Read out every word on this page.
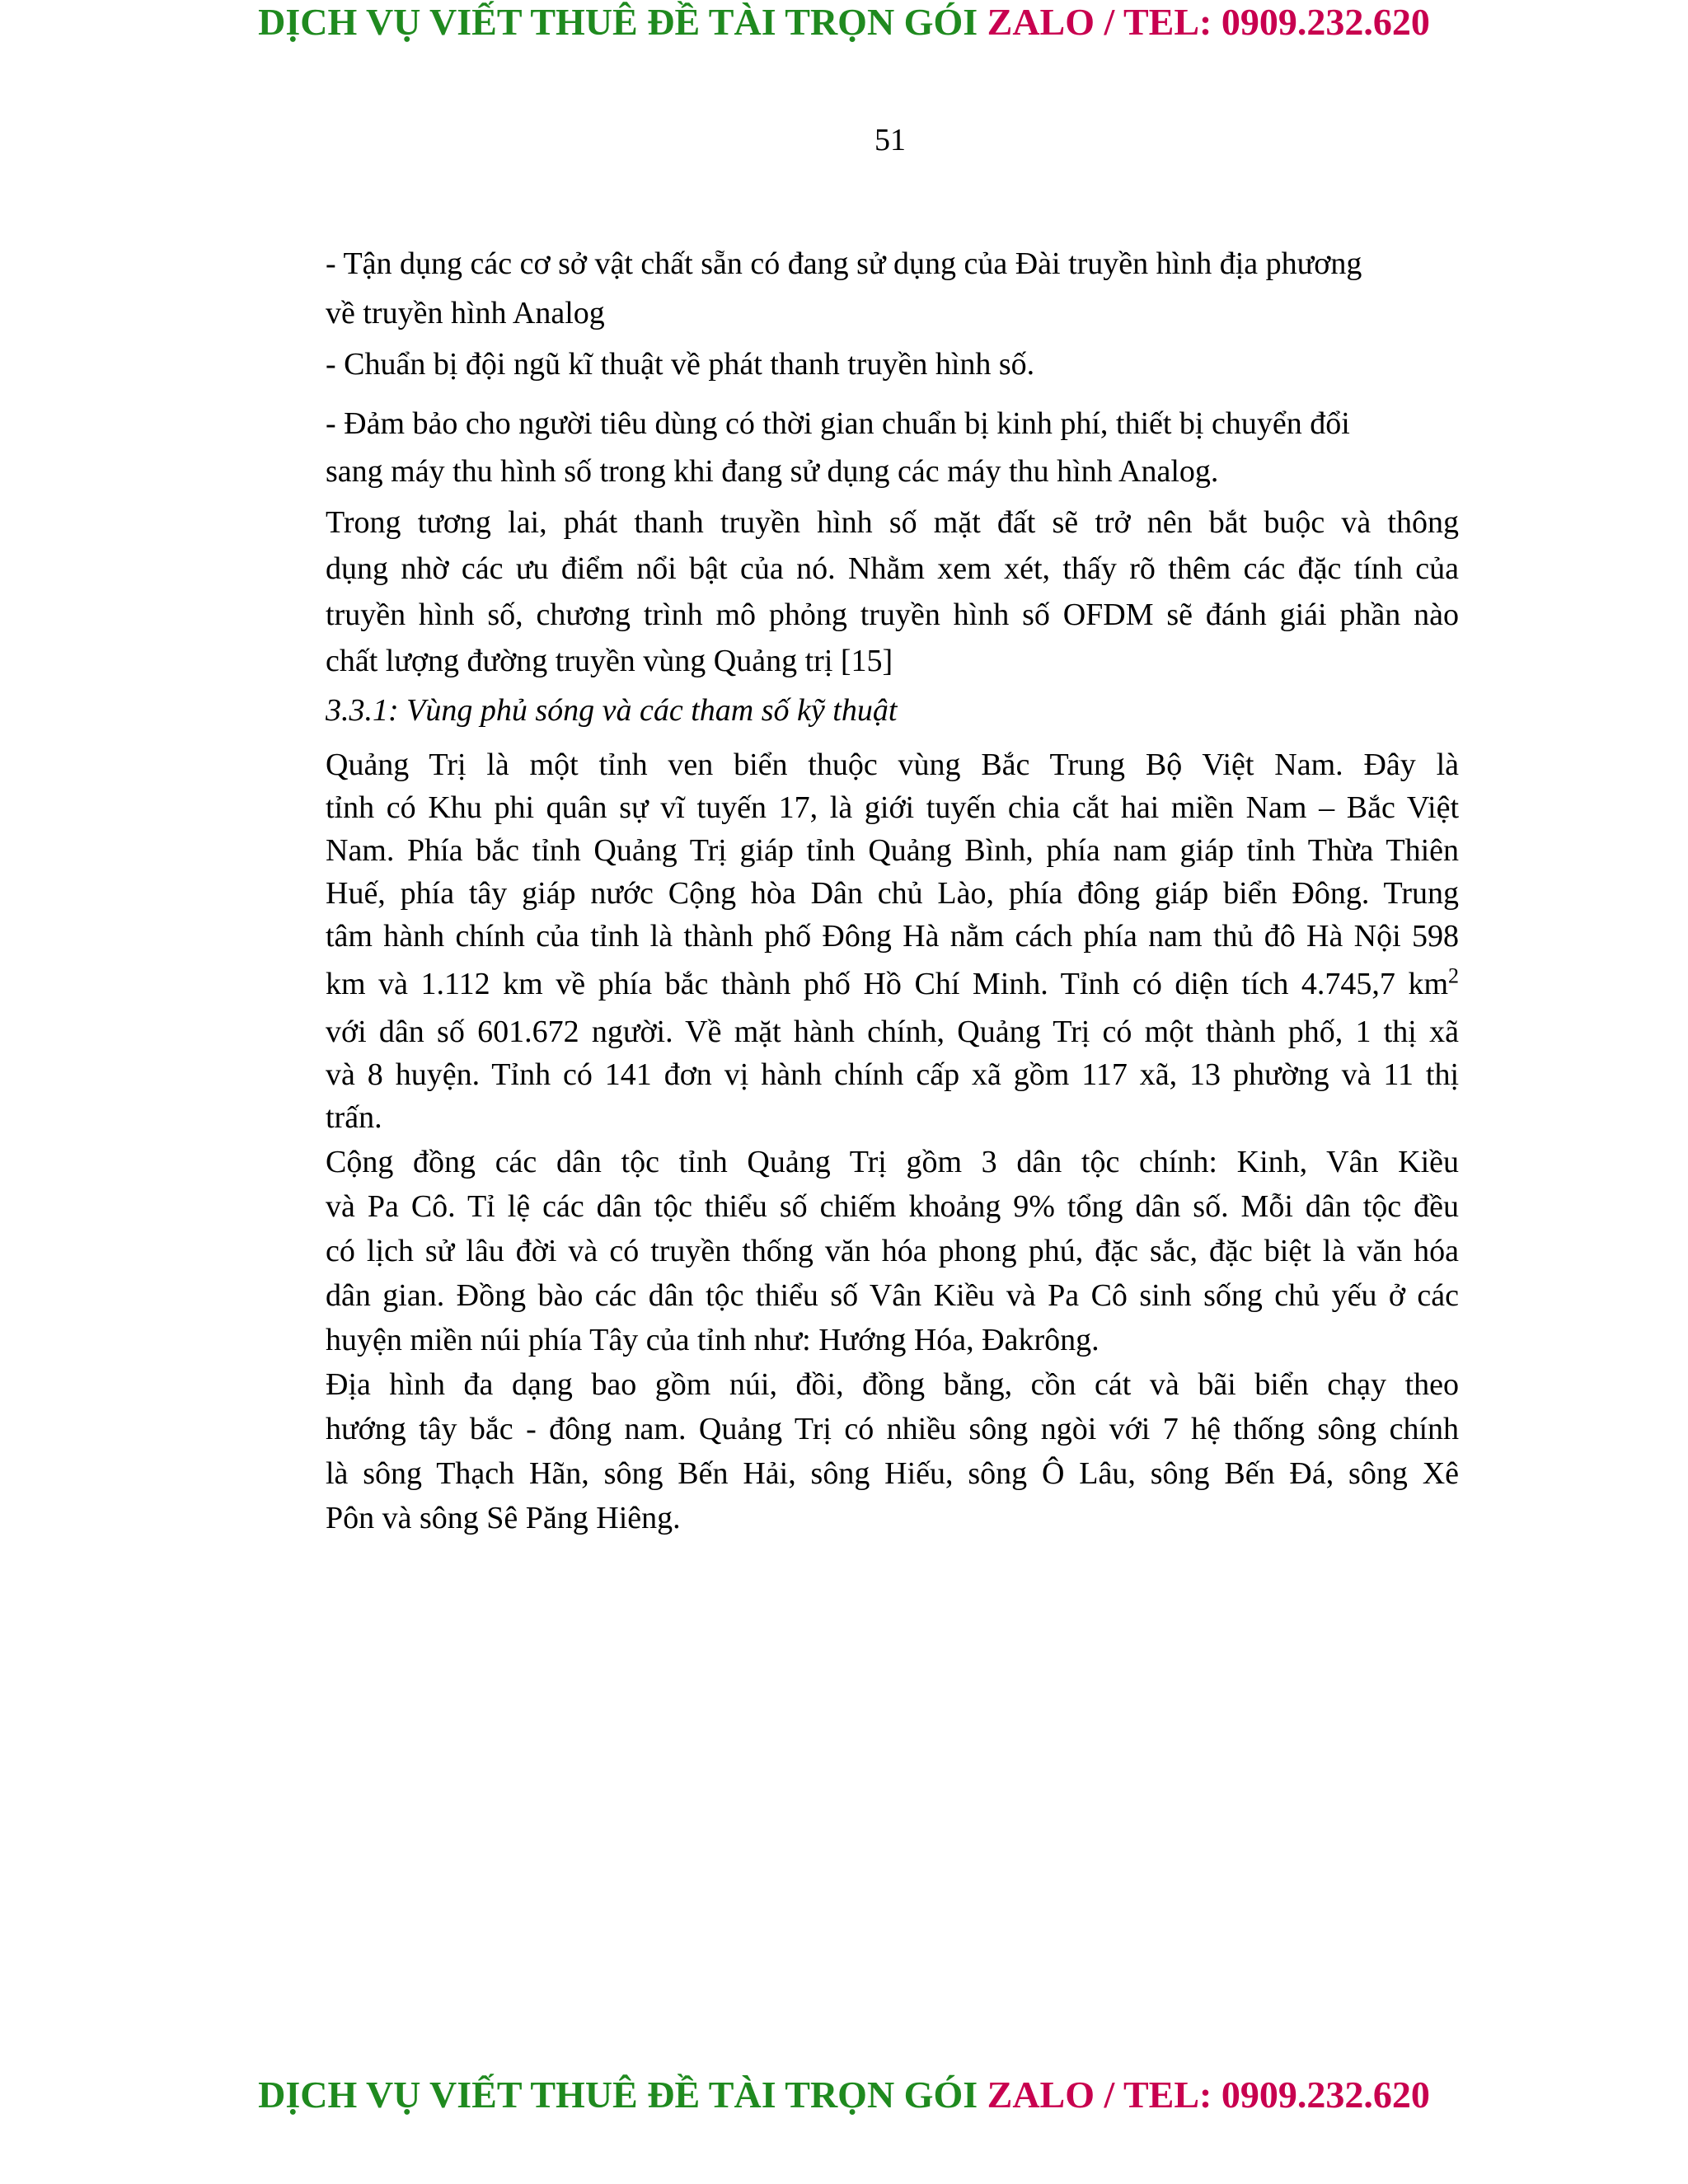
DỊCH VỤ VIẾT THUÊ ĐỀ TÀI TRỌN GÓI ZALO / TEL: 0909.232.620
51
- Tận dụng các cơ sở vật chất sẵn có đang sử dụng của Đài truyền hình địa phương
về truyền hình Analog
- Chuẩn bị đội ngũ kĩ thuật về phát thanh truyền hình số.
- Đảm bảo cho người tiêu dùng có thời gian chuẩn bị kinh phí, thiết bị chuyển đổi
sang máy thu hình số trong khi đang sử dụng các máy thu hình Analog.
Trong tương lai, phát thanh truyền hình số mặt đất sẽ trở nên bắt buộc và thông
dụng nhờ các ưu điểm nổi bật của nó. Nhằm xem xét, thấy rõ thêm các đặc tính của
truyền hình số, chương trình mô phỏng truyền hình số OFDM sẽ đánh giái phần nào
chất lượng đường truyền vùng Quảng trị [15]
3.3.1: Vùng phủ sóng và các tham số kỹ thuật
Quảng Trị là một tỉnh ven biển thuộc vùng Bắc Trung Bộ Việt Nam. Đây là
tỉnh có Khu phi quân sự vĩ tuyến 17, là giới tuyến chia cắt hai miền Nam – Bắc Việt
Nam. Phía bắc tỉnh Quảng Trị giáp tỉnh Quảng Bình, phía nam giáp tỉnh Thừa Thiên
Huế, phía tây giáp nước Cộng hòa Dân chủ Lào, phía đông giáp biển Đông. Trung
tâm hành chính của tỉnh là thành phố Đông Hà nằm cách phía nam thủ đô Hà Nội 598
km và 1.112 km về phía bắc thành phố Hồ Chí Minh. Tỉnh có diện tích 4.745,7 $km^2$
với dân số 601.672 người. Về mặt hành chính, Quảng Trị có một thành phố, 1 thị xã
và 8 huyện. Tỉnh có 141 đơn vị hành chính cấp xã gồm 117 xã, 13 phường và 11 thị
trấn.
Cộng đồng các dân tộc tỉnh Quảng Trị gồm 3 dân tộc chính: Kinh, Vân Kiều
và Pa Cô. Tỉ lệ các dân tộc thiểu số chiếm khoảng 9% tổng dân số. Mỗi dân tộc đều
có lịch sử lâu đời và có truyền thống văn hóa phong phú, đặc sắc, đặc biệt là văn hóa
dân gian. Đồng bào các dân tộc thiểu số Vân Kiều và Pa Cô sinh sống chủ yếu ở các
huyện miền núi phía Tây của tỉnh như: Hướng Hóa, Đakrông.
Địa hình đa dạng bao gồm núi, đồi, đồng bằng, cồn cát và bãi biển chạy theo
hướng tây bắc - đông nam. Quảng Trị có nhiều sông ngòi với 7 hệ thống sông chính
là sông Thạch Hãn, sông Bến Hải, sông Hiếu, sông Ô Lâu, sông Bến Đá, sông Xê
Pôn và sông Sê Păng Hiêng.
DỊCH VỤ VIẾT THUÊ ĐỀ TÀI TRỌN GÓI ZALO / TEL: 0909.232.620
